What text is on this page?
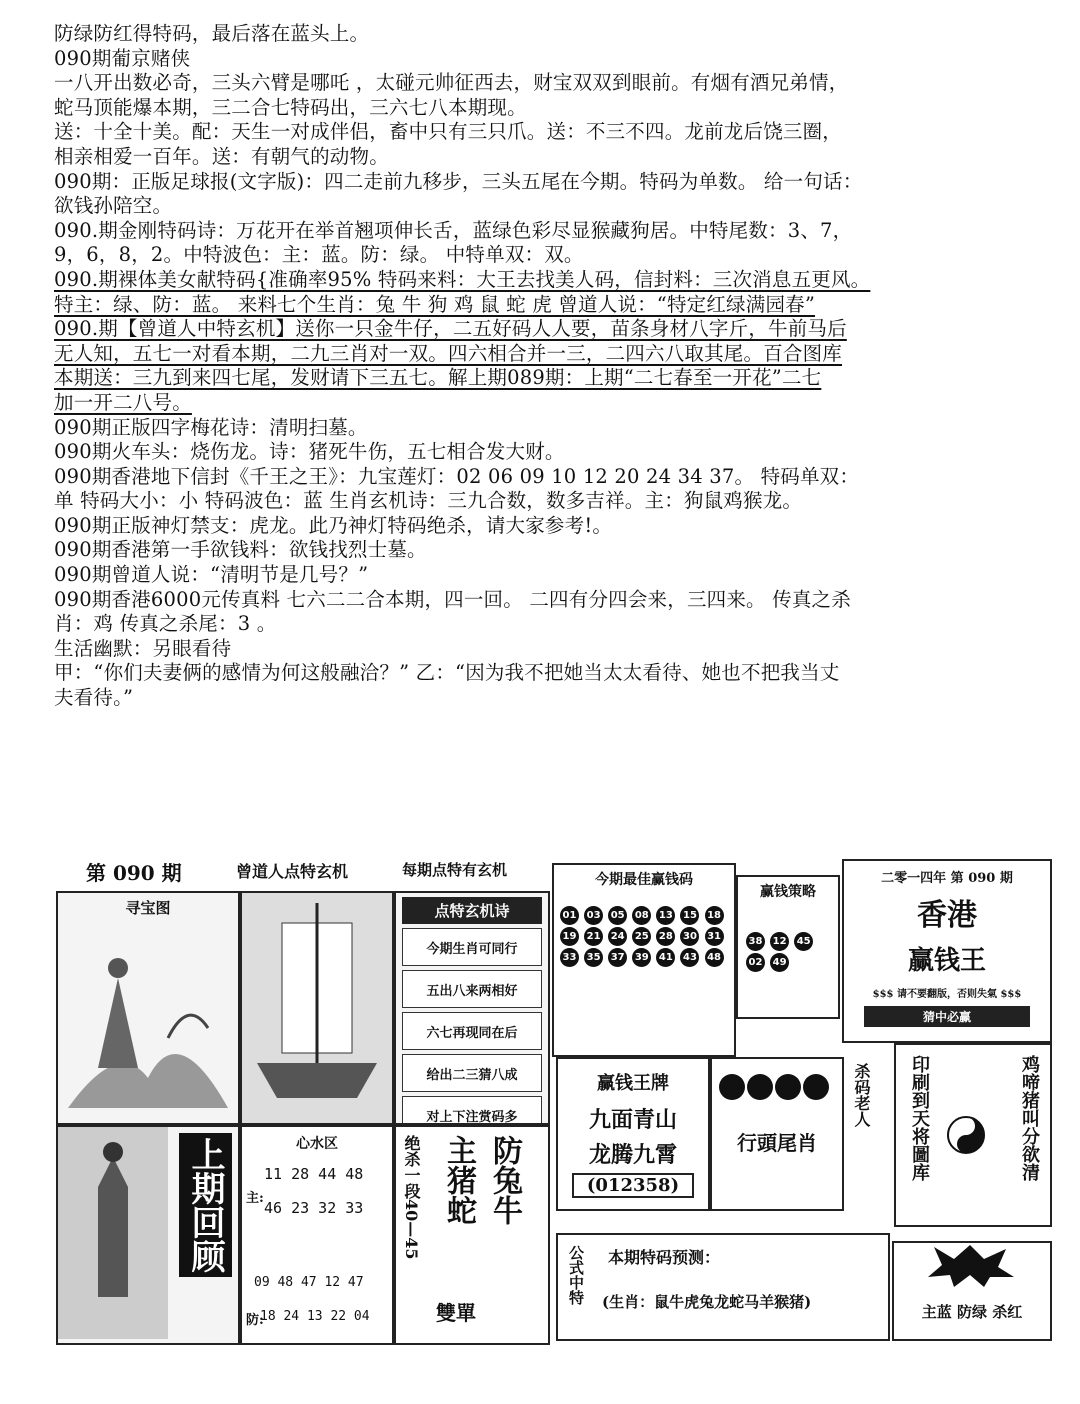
防绿防红得特码，最后落在蓝头上。
090期葡京赌侠
一八开出数必奇，三头六臂是哪吒 ，太碰元帅征西去，财宝双双到眼前。有烟有酒兄弟情，
蛇马顶能爆本期，三二合七特码出，三六七八本期现。
送：十全十美。配：天生一对成伴侣，畜中只有三只爪。送：不三不四。龙前龙后饶三圈，
相亲相爱一百年。送：有朝气的动物。
090期：正版足球报(文字版)：四二走前九移步，三头五尾在今期。特码为单数。 给一句话：
欲钱孙陪空。
090.期金刚特码诗：万花开在举首翘项伸长舌，蓝绿色彩尽显猴藏狗居。中特尾数：3、7，
9，6，8，2。中特波色：主：蓝。防：绿。 中特单双：双。
090.期裸体美女献特码{准确率95% 特码来料：大王去找美人码，信封料：三次消息五更风。
特主：绿、防：蓝。 来料七个生肖：兔 牛 狗 鸡 鼠 蛇 虎 曾道人说：“特定红绿满园春”
090.期【曾道人中特玄机】送你一只金牛仔，二五好码人人要，苗条身材八字斤，牛前马后
无人知，五七一对看本期，二九三肖对一双。四六相合并一三，二四六八取其尾。百合图库
本期送：三九到来四七尾，发财请下三五七。解上期089期：上期“二七春至一开花”二七
加一开二八号。
090期正版四字梅花诗：清明扫墓。
090期火车头：烧伤龙。诗：猪死牛伤，五七相合发大财。
090期香港地下信封《千王之王》：九宝莲灯：02 06 09 10 12 20 24 34 37。 特码单双：
单 特码大小：小 特码波色：蓝 生肖玄机诗：三九合数，数多吉祥。主：狗鼠鸡猴龙。
090期正版神灯禁支：虎龙。此乃神灯特码绝杀，请大家参考!。
090期香港第一手欲钱料：欲钱找烈士墓。
090期曾道人说：“清明节是几号？”
090期香港6000元传真料 七六二二合本期，四一回。 二四有分四会来，三四来。 传真之杀
肖：鸡 传真之杀尾：3 。
生活幽默：另眼看待
甲：“你们夫妻俩的感情为何这般融洽？” 乙：“因为我不把她当太太看待、她也不把我当丈
夫看待。”
第 090 期	曾道人点特玄机	每期点特有玄机
寻宝图	点特玄机诗
今期生肖可同行
五出八来两相好
六七再现同在后
给出二三猜八成
对上下注赏码多
上期回顾	心水区
主:
11 28 44 48
46 23 32 33
09 48 47 12 47
防:
18 24 13 22 04
绝杀一段40—45 主猪蛇 防兔牛
雙單
今期最佳赢钱码
01 03 05 08 13 15 18 19 21 24 25 28 30 31 33 35 37 39 41 43 48
赢钱策略
38 12 45 02 49
二零一四年 第 090 期
香港
赢钱王
$$$ 请不要翻版，否则失氣 $$$
猜中必赢
赢钱王牌
九面青山
龙腾九霄
(012358)
行頭尾肖
杀码老人 印刷到天将圖库	鸡啼猪叫分欲清
公式中特 本期特码预测：
(生肖：鼠牛虎兔龙蛇马羊猴猪)
主蓝 防绿 杀红
